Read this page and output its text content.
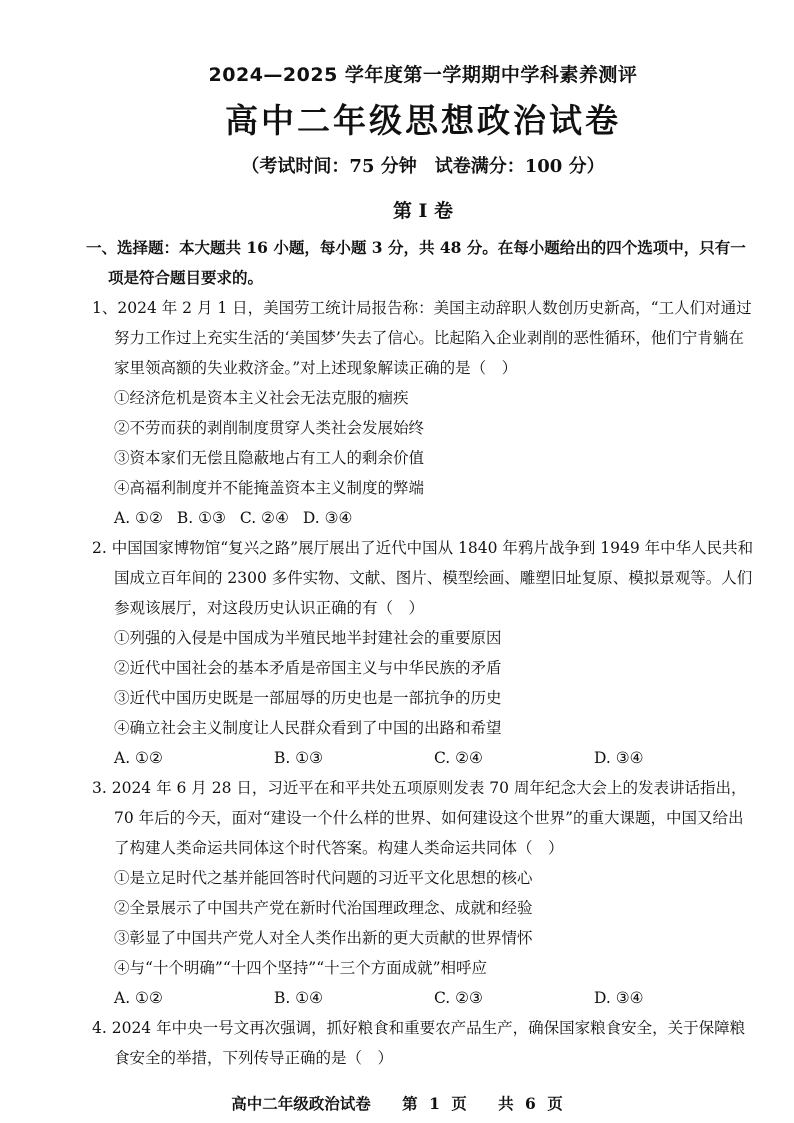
2024—2025 学年度第一学期期中学科素养测评
高中二年级思想政治试卷
（考试时间：75 分钟　试卷满分：100 分）
第 I 卷
一、选择题：本大题共 16 小题，每小题 3 分，共 48 分。在每小题给出的四个选项中，只有一项是符合题目要求的。
1、2024 年 2 月 1 日，美国劳工统计局报告称：美国主动辞职人数创历史新高，“工人们对通过努力工作过上充实生活的‘美国梦’失去了信心。比起陷入企业剥削的恶性循环，他们宁肯躺在家里领高额的失业救济金。”对上述现象解读正确的是（　）
①经济危机是资本主义社会无法克服的痼疾
②不劳而获的剥削制度贯穿人类社会发展始终
③资本家们无偿且隐蔽地占有工人的剩余价值
④高福利制度并不能掩盖资本主义制度的弊端
A. ①② B. ①③ C. ②④ D. ③④
2. 中国国家博物馆“复兴之路”展厅展出了近代中国从 1840 年鸦片战争到 1949 年中华人民共和国成立百年间的 2300 多件实物、文献、图片、模型绘画、雕塑旧址复原、模拟景观等。人们参观该展厅，对这段历史认识正确的有（　）
①列强的入侵是中国成为半殖民地半封建社会的重要原因
②近代中国社会的基本矛盾是帝国主义与中华民族的矛盾
③近代中国历史既是一部屈辱的历史也是一部抗争的历史
④确立社会主义制度让人民群众看到了中国的出路和希望
A. ①②	B. ①③	C. ②④	D. ③④
3. 2024 年 6 月 28 日，习近平在和平共处五项原则发表 70 周年纪念大会上的发表讲话指出，70 年后的今天，面对“建设一个什么样的世界、如何建设这个世界”的重大课题，中国又给出了构建人类命运共同体这个时代答案。构建人类命运共同体（　）
①是立足时代之基并能回答时代问题的习近平文化思想的核心
②全景展示了中国共产党在新时代治国理政理念、成就和经验
③彰显了中国共产党人对全人类作出新的更大贡献的世界情怀
④与“十个明确”“十四个坚持”“十三个方面成就”相呼应
A. ①②	B. ①④	C. ②③	D. ③④
4. 2024 年中央一号文再次强调，抓好粮食和重要农产品生产，确保国家粮食安全，关于保障粮食安全的举措，下列传导正确的是（　）
高中二年级政治试卷 第 1 页 共 6 页
